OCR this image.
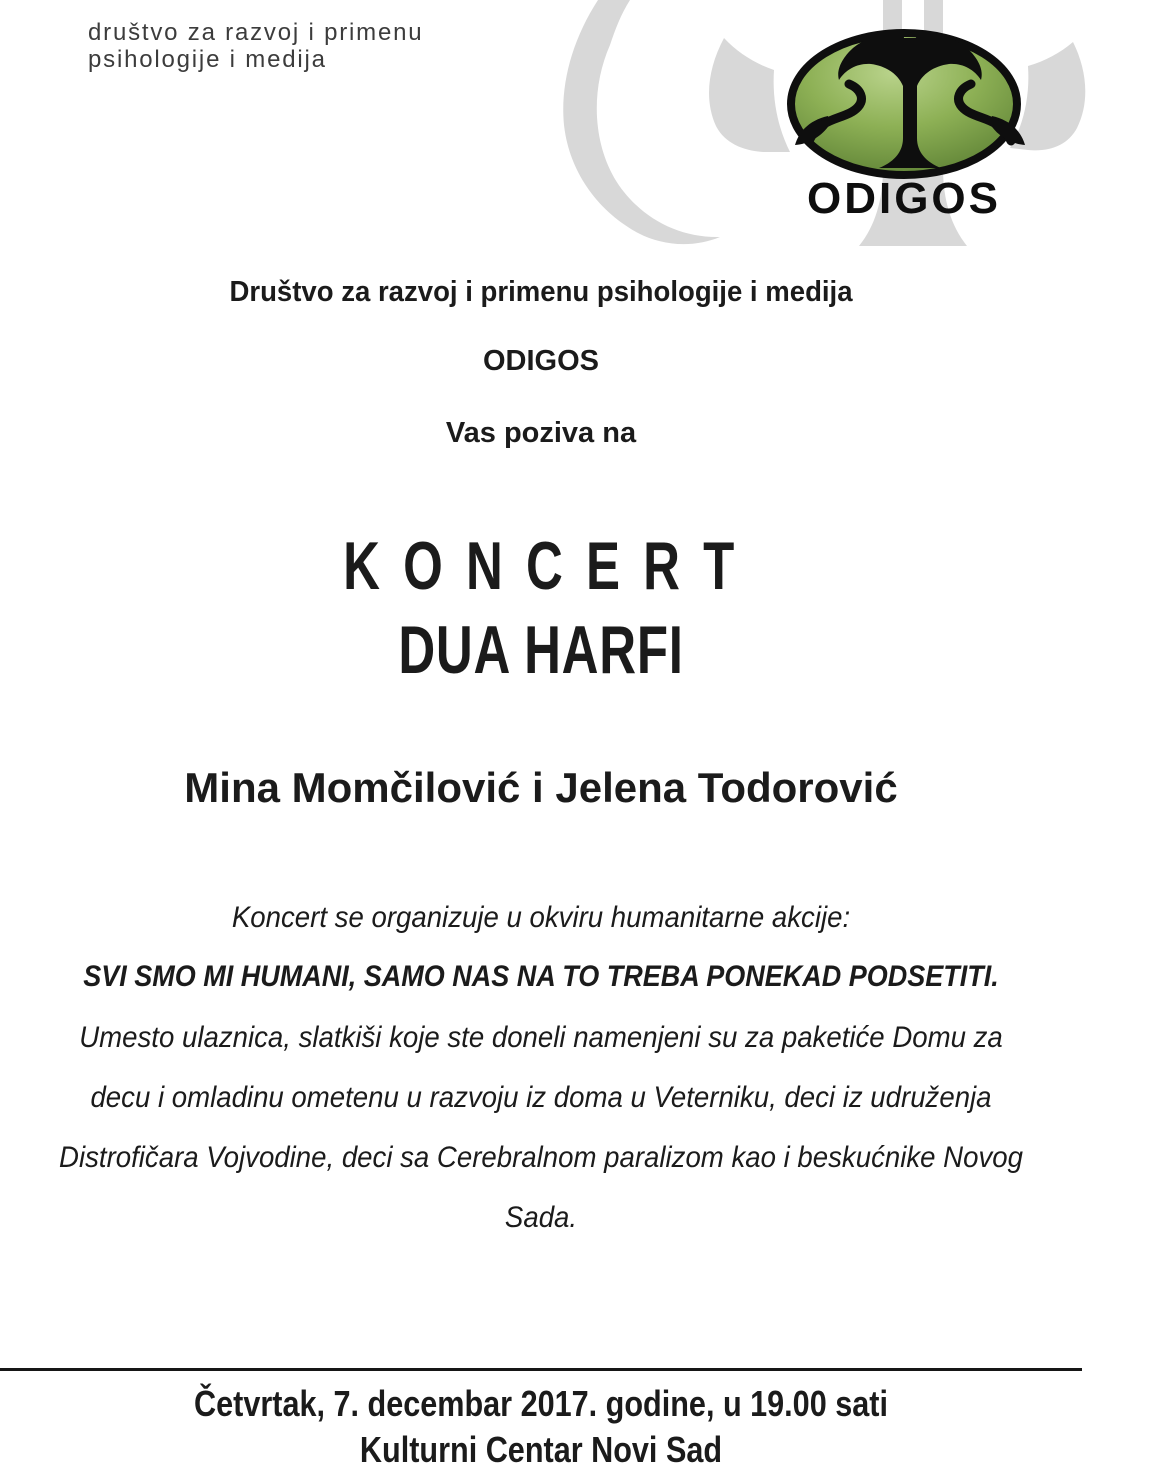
društvo za razvoj i primenu
psihologije i medija
ODIGOS
Društvo za razvoj i primenu psihologije i medija
ODIGOS
Vas poziva na
K O N C E R T
DUA HARFI
Mina Momčilović i Jelena Todorović
Koncert se organizuje u okviru humanitarne akcije:
SVI SMO MI HUMANI, SAMO NAS NA TO TREBA PONEKAD PODSETITI.
Umesto ulaznica, slatkiši koje ste doneli namenjeni su za paketiće Domu za
decu i omladinu ometenu u razvoju iz doma u Veterniku, deci iz udruženja
Distrofičara Vojvodine, deci sa Cerebralnom paralizom kao i beskućnike Novog
Sada.
Četvrtak, 7. decembar 2017. godine, u 19.00 sati
Kulturni Centar Novi Sad
